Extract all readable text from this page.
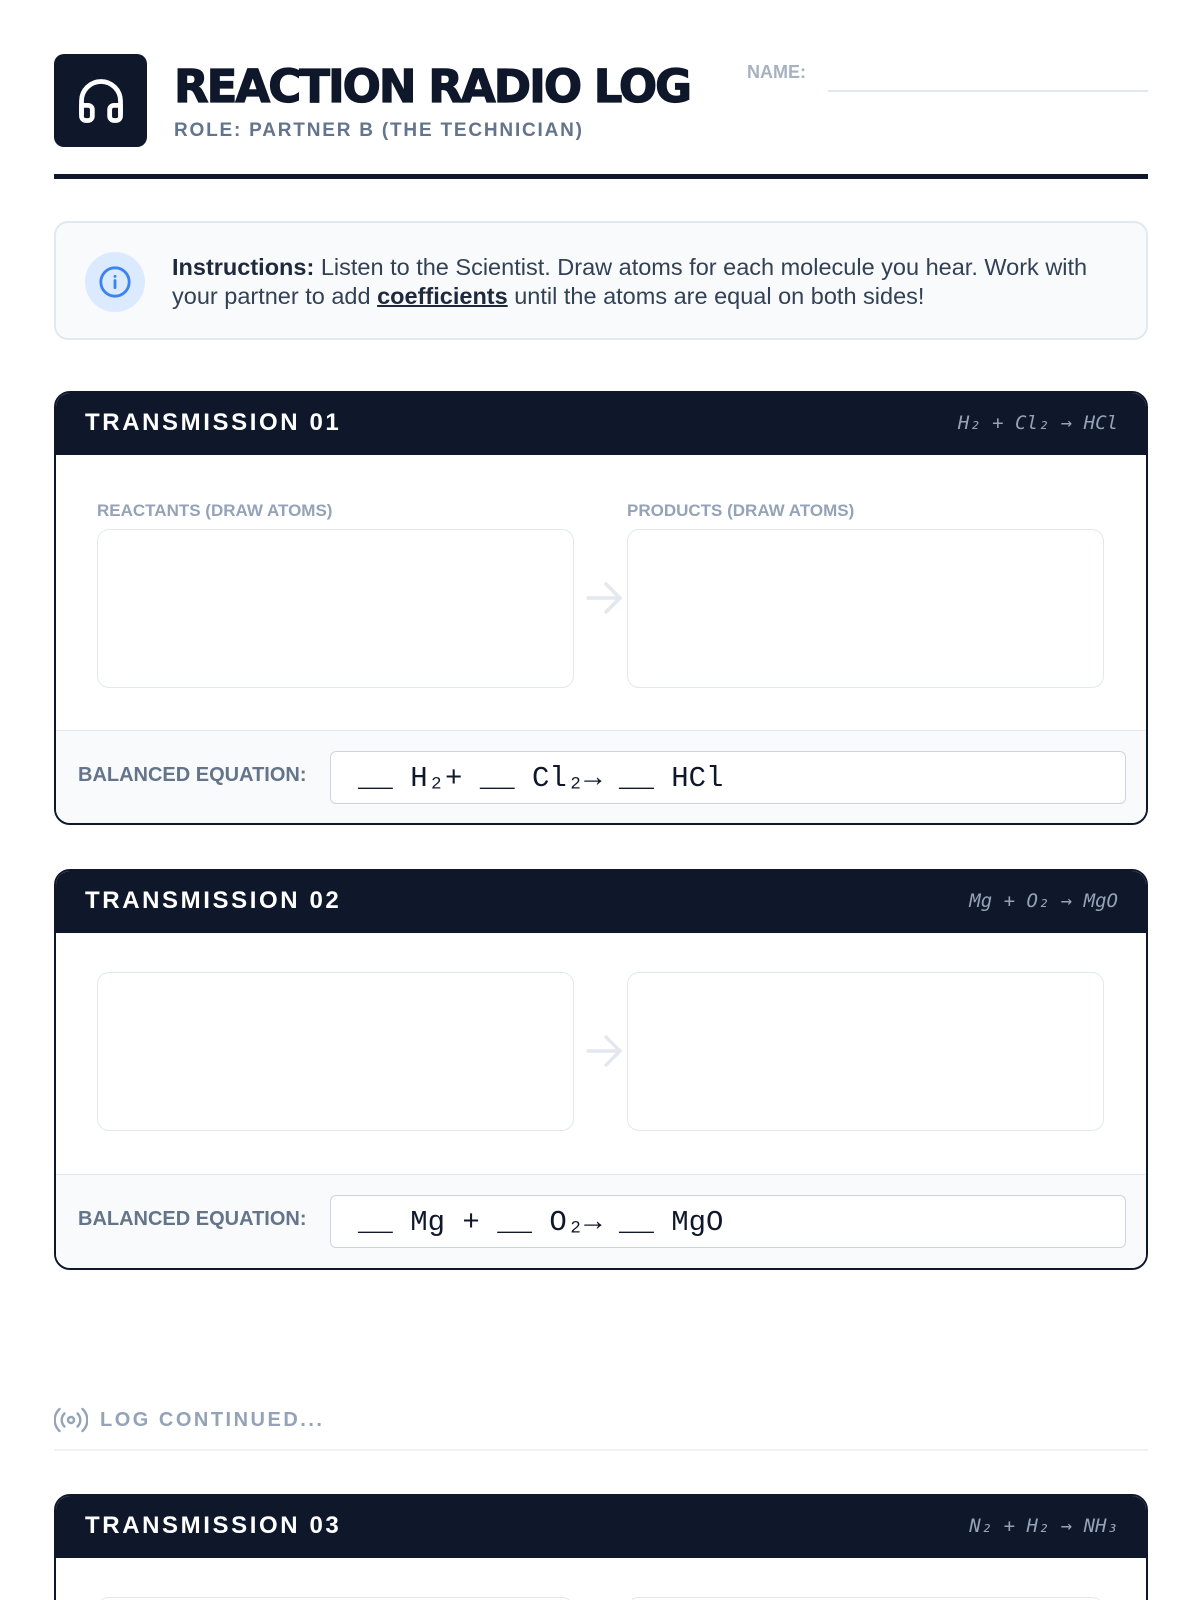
REACTION RADIO LOG
ROLE: PARTNER B (THE TECHNICIAN)
NAME:
Instructions: Listen to the Scientist. Draw atoms for each molecule you hear. Work with your partner to add coefficients until the atoms are equal on both sides!
TRANSMISSION 01	H₂ + Cl₂ → HCl
REACTANTS (DRAW ATOMS)	PRODUCTS (DRAW ATOMS)
BALANCED EQUATION: __ H₂+ __ Cl₂→ __ HCl
TRANSMISSION 02	Mg + O₂ → MgO
BALANCED EQUATION: __ Mg + __ O₂→ __ MgO
LOG CONTINUED...
TRANSMISSION 03	N₂ + H₂ → NH₃
